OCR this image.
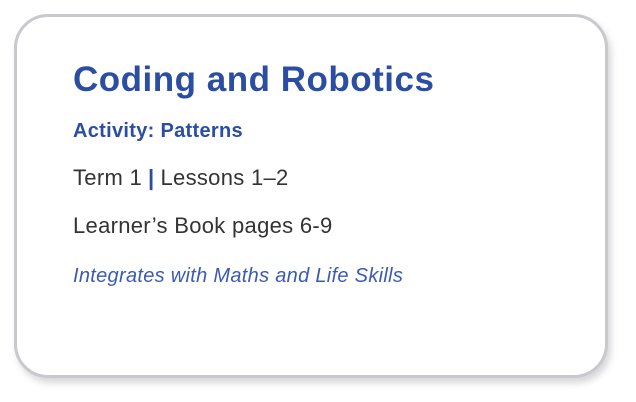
Coding and Robotics
Activity: Patterns
Term 1 | Lessons 1–2
Learner’s Book pages 6-9
Integrates with Maths and Life Skills
